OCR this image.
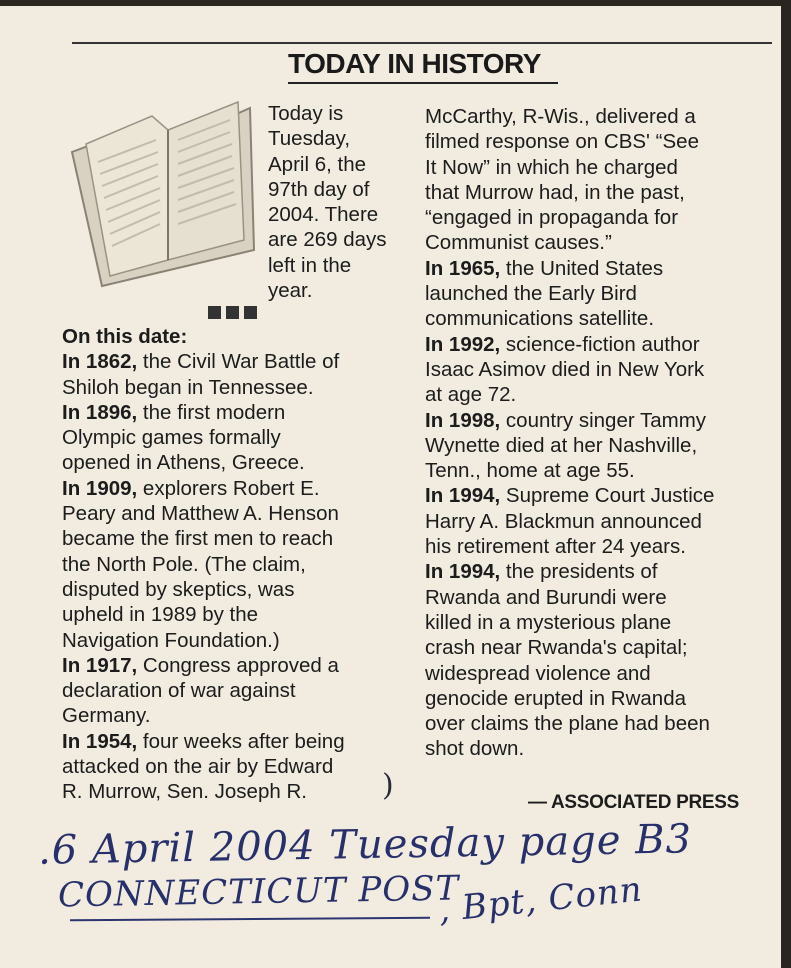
TODAY IN HISTORY
Today is
Tuesday,
April 6, the
97th day of
2004. There
are 269 days
left in the
year.

On this date:

In 1862, the Civil War Battle of
Shiloh began in Tennessee.

In 1896, the first modern
Olympic games formally
opened in Athens, Greece.

In 1909, explorers Robert E.
Peary and Matthew A. Henson
became the first men to reach
the North Pole. (The claim,
disputed by skeptics, was
upheld in 1989 by the
Navigation Foundation.)

In 1917, Congress approved a
declaration of war against
Germany.

In 1954, four weeks after being
attacked on the air by Edward
R. Murrow, Sen. Joseph R.

McCarthy, R-Wis., delivered a
filmed response on CBS' “See
It Now” in which he charged
that Murrow had, in the past,
“engaged in propaganda for
Communist causes.”

In 1965, the United States
launched the Early Bird
communications satellite.

In 1992, science-fiction author
Isaac Asimov died in New York
at age 72.

In 1998, country singer Tammy
Wynette died at her Nashville,
Tenn., home at age 55.

In 1994, Supreme Court Justice
Harry A. Blackmun announced
his retirement after 24 years.

In 1994, the presidents of
Rwanda and Burundi were
killed in a mysterious plane
crash near Rwanda's capital;
widespread violence and
genocide erupted in Rwanda
over claims the plane had been
shot down.

)	— ASSOCIATED PRESS
.6 April 2004 Tuesday page B3
CONNECTICUT POST
, Bpt, Conn
